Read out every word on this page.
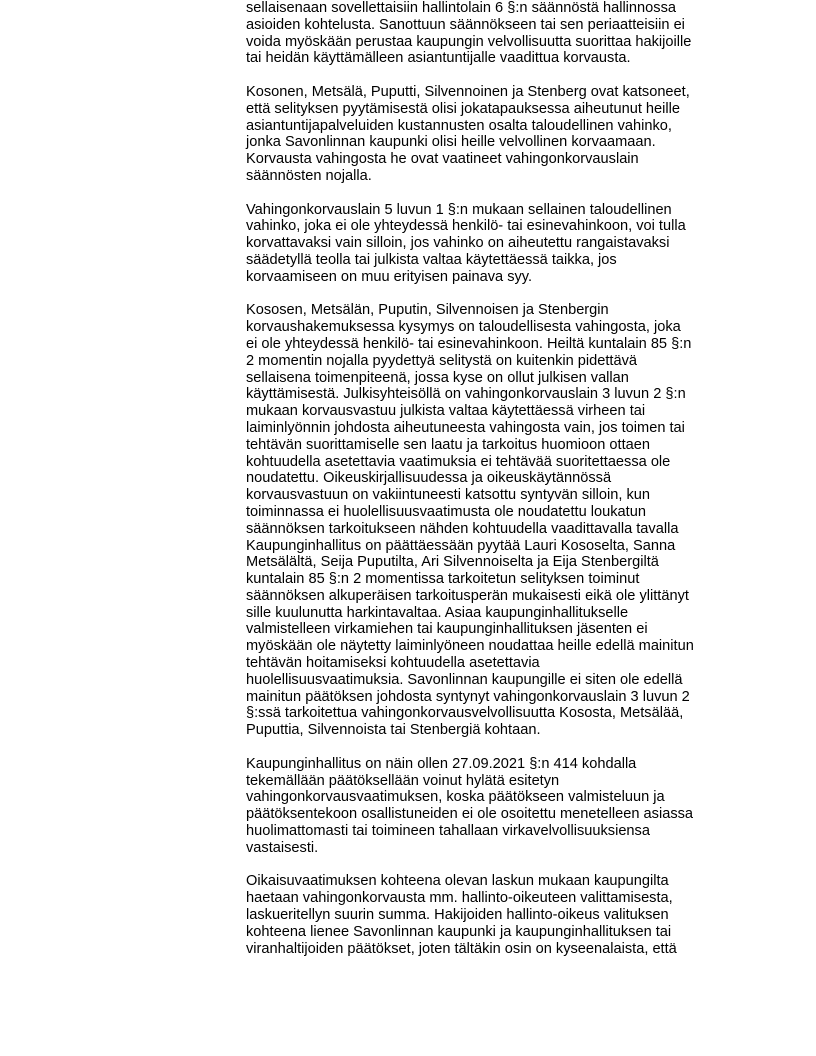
sellaisenaan sovellettaisiin hallintolain 6 §:n säännöstä hallinnossa
asioiden kohtelusta. Sanottuun säännökseen tai sen periaatteisiin ei
voida myöskään perustaa kaupungin velvollisuutta suorittaa hakijoille
tai heidän käyttämälleen asiantuntijalle vaadittua korvausta.
Kosonen, Metsälä, Puputti, Silvennoinen ja Stenberg ovat katsoneet,
että selityksen pyytämisestä olisi jokatapauksessa aiheutunut heille
asiantuntijapalveluiden kustannusten osalta taloudellinen vahinko,
jonka Savonlinnan kaupunki olisi heille velvollinen korvaamaan.
Korvausta vahingosta he ovat vaatineet vahingonkorvauslain
säännösten nojalla.
Vahingonkorvauslain 5 luvun 1 §:n mukaan sellainen taloudellinen
vahinko, joka ei ole yhteydessä henkilö- tai esinevahinkoon, voi tulla
korvattavaksi vain silloin, jos vahinko on aiheutettu rangaistavaksi
säädetyllä teolla tai julkista valtaa käytettäessä taikka, jos
korvaamiseen on muu erityisen painava syy.
Kososen, Metsälän, Puputin, Silvennoisen ja Stenbergin
korvaushakemuksessa kysymys on taloudellisesta vahingosta, joka
ei ole yhteydessä henkilö- tai esinevahinkoon. Heiltä kuntalain 85 §:n
2 momentin nojalla pyydettyä selitystä on kuitenkin pidettävä
sellaisena toimenpiteenä, jossa kyse on ollut julkisen vallan
käyttämisestä. Julkisyhteisöllä on vahingonkorvauslain 3 luvun 2 §:n
mukaan korvausvastuu julkista valtaa käytettäessä virheen tai
laiminlyönnin johdosta aiheutuneesta vahingosta vain, jos toimen tai
tehtävän suorittamiselle sen laatu ja tarkoitus huomioon ottaen
kohtuudella asetettavia vaatimuksia ei tehtävää suoritettaessa ole
noudatettu. Oikeuskirjallisuudessa ja oikeuskäytännössä
korvausvastuun on vakiintuneesti katsottu syntyvän silloin, kun
toiminnassa ei huolellisuusvaatimusta ole noudatettu loukatun
säännöksen tarkoitukseen nähden kohtuudella vaadittavalla tavalla
Kaupunginhallitus on päättäessään pyytää Lauri Kososelta, Sanna
Metsälältä, Seija Puputilta, Ari Silvennoiselta ja Eija Stenbergiltä
kuntalain 85 §:n 2 momentissa tarkoitetun selityksen toiminut
säännöksen alkuperäisen tarkoitusperän mukaisesti eikä ole ylittänyt
sille kuulunutta harkintavaltaa. Asiaa kaupunginhallitukselle
valmistelleen virkamiehen tai kaupunginhallituksen jäsenten ei
myöskään ole näytetty laiminlyöneen noudattaa heille edellä mainitun
tehtävän hoitamiseksi kohtuudella asetettavia
huolellisuusvaatimuksia. Savonlinnan kaupungille ei siten ole edellä
mainitun päätöksen johdosta syntynyt vahingonkorvauslain 3 luvun 2
§:ssä tarkoitettua vahingonkorvausvelvollisuutta Kososta, Metsälää,
Puputtia, Silvennoista tai Stenbergiä kohtaan.
Kaupunginhallitus on näin ollen 27.09.2021 §:n 414 kohdalla
tekemällään päätöksellään voinut hylätä esitetyn
vahingonkorvausvaatimuksen, koska päätökseen valmisteluun ja
päätöksentekoon osallistuneiden ei ole osoitettu menetelleen asiassa
huolimattomasti tai toimineen tahallaan virkavelvollisuuksiensa
vastaisesti.
Oikaisuvaatimuksen kohteena olevan laskun mukaan kaupungilta
haetaan vahingonkorvausta mm. hallinto-oikeuteen valittamisesta,
laskueritellyn suurin summa. Hakijoiden hallinto-oikeus valituksen
kohteena lienee Savonlinnan kaupunki ja kaupunginhallituksen tai
viranhaltijoiden päätökset, joten tältäkin osin on kyseenalaista, että
